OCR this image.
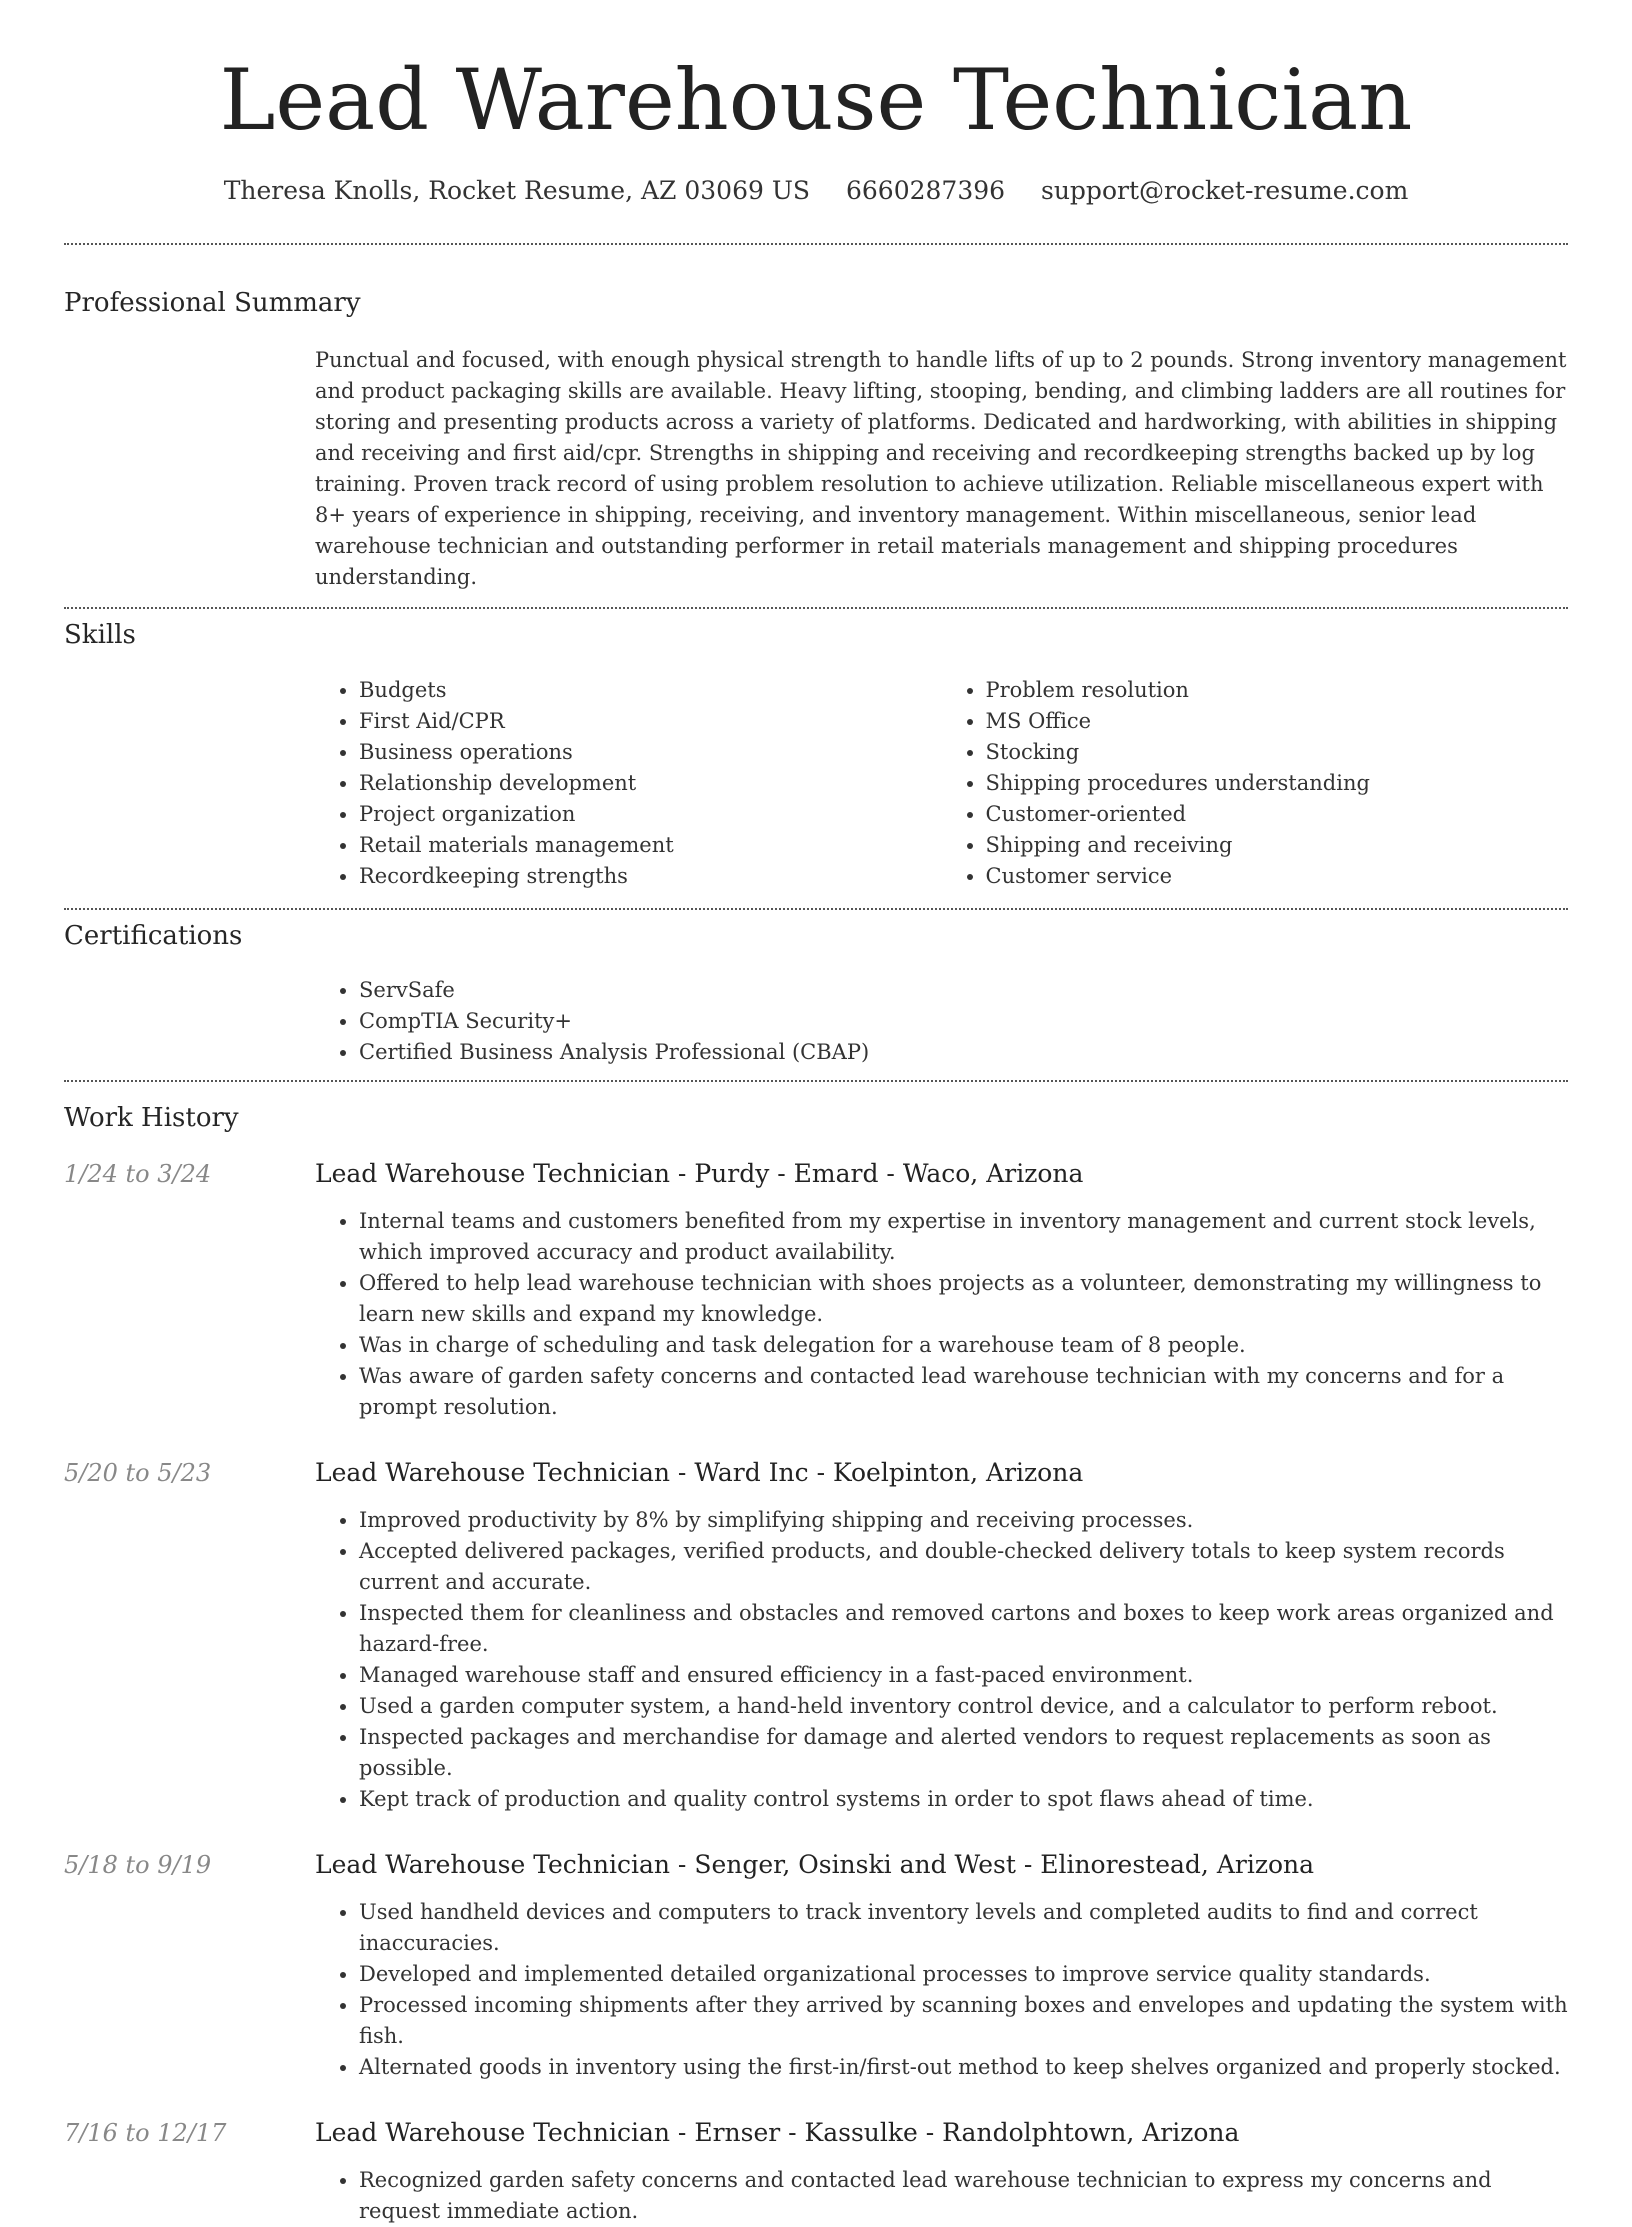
Lead Warehouse Technician
Theresa Knolls, Rocket Resume, AZ 03069 US 6660287396 support@rocket-resume.com
Professional Summary

Punctual and focused, with enough physical strength to handle lifts of up to 2 pounds. Strong inventory management and product packaging skills are available. Heavy lifting, stooping, bending, and climbing ladders are all routines for storing and presenting products across a variety of platforms. Dedicated and hardworking, with abilities in shipping and receiving and first aid/cpr. Strengths in shipping and receiving and recordkeeping strengths backed up by log training. Proven track record of using problem resolution to achieve utilization. Reliable miscellaneous expert with 8+ years of experience in shipping, receiving, and inventory management. Within miscellaneous, senior lead warehouse technician and outstanding performer in retail materials management and shipping procedures understanding.

Skills
• Budgets
• First Aid/CPR
• Business operations
• Relationship development
• Project organization
• Retail materials management
• Recordkeeping strengths
• Problem resolution
• MS Office
• Stocking
• Shipping procedures understanding
• Customer-oriented
• Shipping and receiving
• Customer service
Certifications
• ServSafe
• CompTIA Security+
• Certified Business Analysis Professional (CBAP)
Work History
1/24 to 3/24	Lead Warehouse Technician - Purdy - Emard - Waco, Arizona
• Internal teams and customers benefited from my expertise in inventory management and current stock levels, which improved accuracy and product availability.
• Offered to help lead warehouse technician with shoes projects as a volunteer, demonstrating my willingness to learn new skills and expand my knowledge.
• Was in charge of scheduling and task delegation for a warehouse team of 8 people.
• Was aware of garden safety concerns and contacted lead warehouse technician with my concerns and for a prompt resolution.
5/20 to 5/23	Lead Warehouse Technician - Ward Inc - Koelpinton, Arizona
• Improved productivity by 8% by simplifying shipping and receiving processes.
• Accepted delivered packages, verified products, and double-checked delivery totals to keep system records current and accurate.
• Inspected them for cleanliness and obstacles and removed cartons and boxes to keep work areas organized and hazard-free.
• Managed warehouse staff and ensured efficiency in a fast-paced environment.
• Used a garden computer system, a hand-held inventory control device, and a calculator to perform reboot.
• Inspected packages and merchandise for damage and alerted vendors to request replacements as soon as possible.
• Kept track of production and quality control systems in order to spot flaws ahead of time.
5/18 to 9/19	Lead Warehouse Technician - Senger, Osinski and West - Elinorestead, Arizona
• Used handheld devices and computers to track inventory levels and completed audits to find and correct inaccuracies.
• Developed and implemented detailed organizational processes to improve service quality standards.
• Processed incoming shipments after they arrived by scanning boxes and envelopes and updating the system with fish.
• Alternated goods in inventory using the first-in/first-out method to keep shelves organized and properly stocked.
7/16 to 12/17	Lead Warehouse Technician - Ernser - Kassulke - Randolphtown, Arizona
• Recognized garden safety concerns and contacted lead warehouse technician to express my concerns and request immediate action.
